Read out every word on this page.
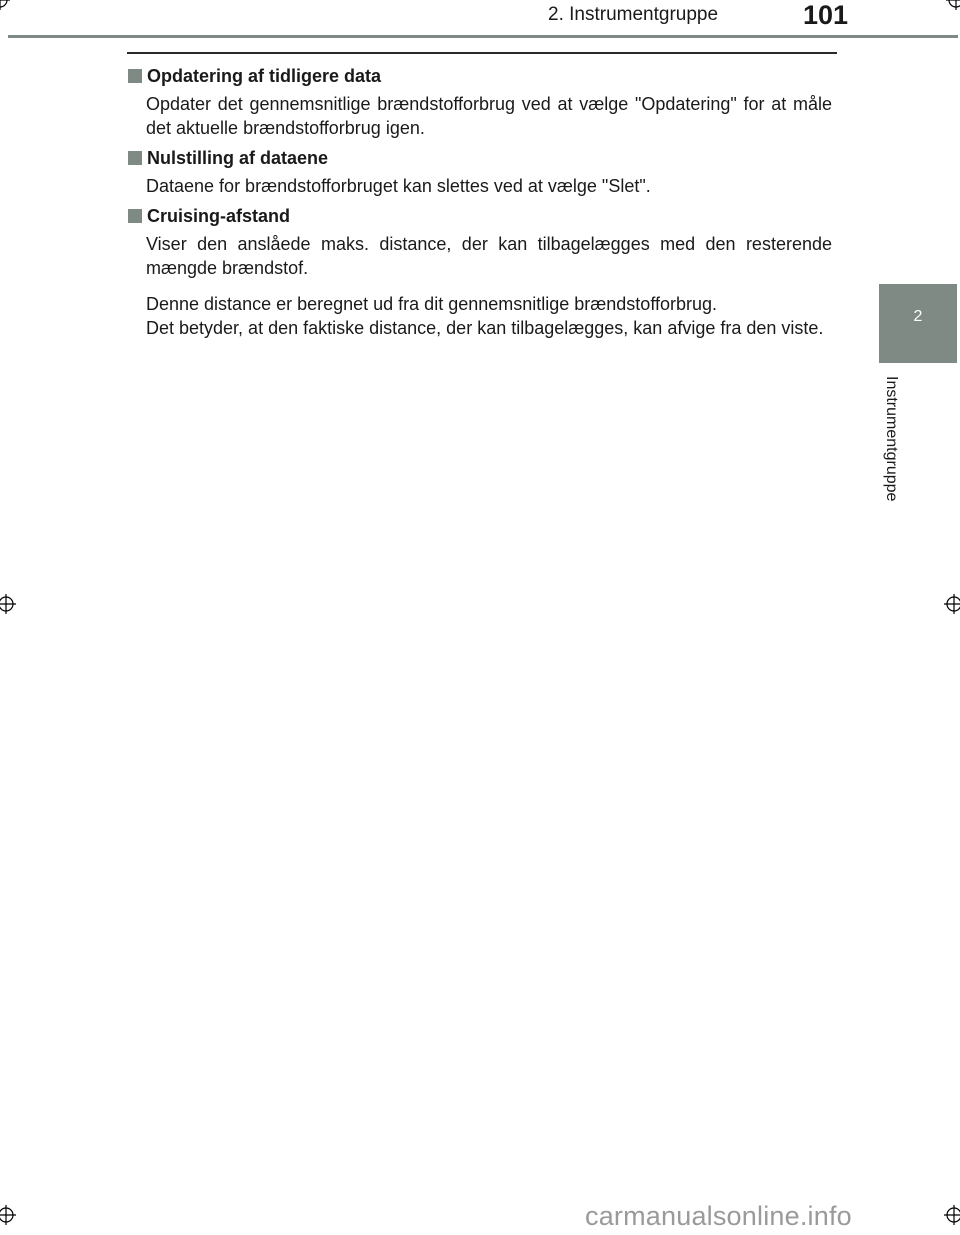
2. Instrumentgruppe	101
2
Instrumentgruppe
Opdatering af tidligere data

Opdater det gennemsnitlige brændstofforbrug ved at vælge "Opdatering" for at måle det aktuelle brændstofforbrug igen.

Nulstilling af dataene

Dataene for brændstofforbruget kan slettes ved at vælge "Slet".

Cruising-afstand

Viser den anslåede maks. distance, der kan tilbagelægges med den resterende mængde brændstof.

Denne distance er beregnet ud fra dit gennemsnitlige brændstofforbrug.

Det betyder, at den faktiske distance, der kan tilbagelægges, kan afvige fra den viste.

carmanualsonline.info
